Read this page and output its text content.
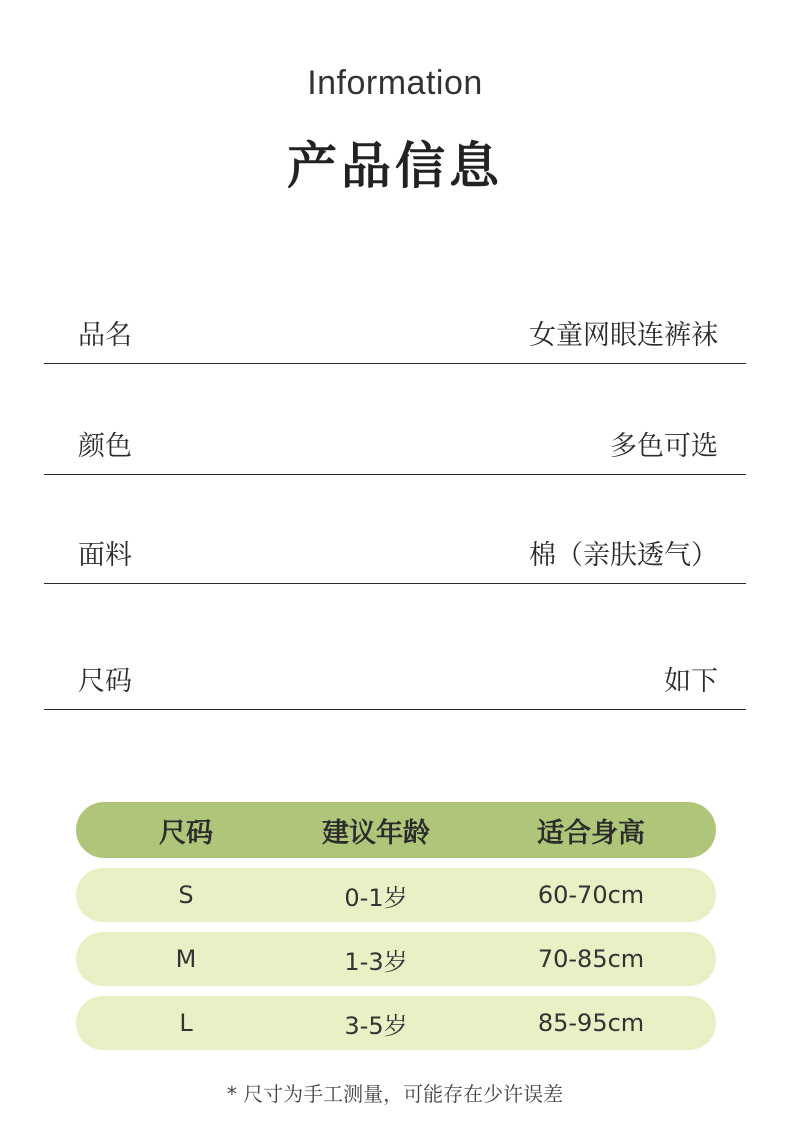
Information
产品信息
品名	女童网眼连裤袜
颜色	多色可选
面料	棉（亲肤透气）
尺码	如下
尺码	建议年龄	适合身高
S	0-1岁	60-70cm
M	1-3岁	70-85cm
L	3-5岁	85-95cm
* 尺寸为手工测量，可能存在少许误差
